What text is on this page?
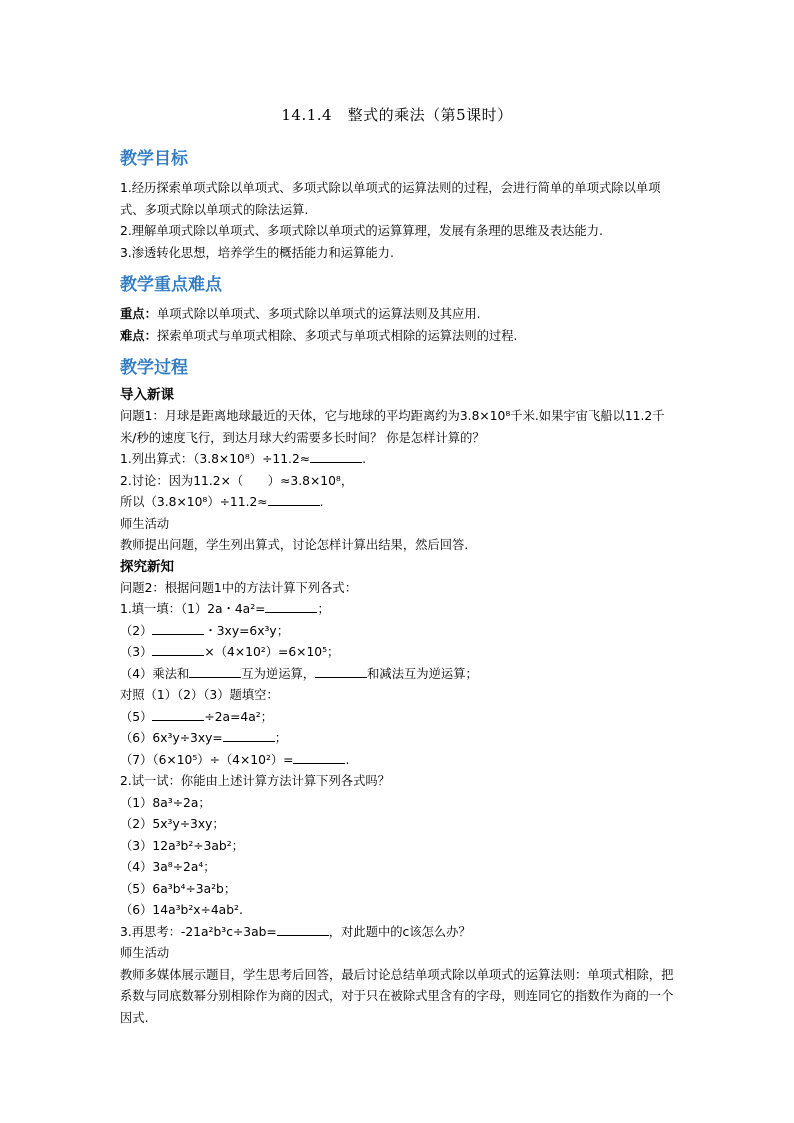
14.1.4　整式的乘法（第5课时）
教学目标
1.经历探索单项式除以单项式、多项式除以单项式的运算法则的过程，会进行简单的单项式除以单项式、多项式除以单项式的除法运算.
2.理解单项式除以单项式、多项式除以单项式的运算算理，发展有条理的思维及表达能力.
3.渗透转化思想，培养学生的概括能力和运算能力.
教学重点难点
重点：单项式除以单项式、多项式除以单项式的运算法则及其应用.
难点：探索单项式与单项式相除、多项式与单项式相除的运算法则的过程.
教学过程
导入新课
问题1：月球是距离地球最近的天体，它与地球的平均距离约为3.8×10⁸千米.如果宇宙飞船以11.2千米/秒的速度飞行，到达月球大约需要多长时间？ 你是怎样计算的？
1.列出算式：（3.8×10⁸）÷11.2≈	.
2.讨论：因为11.2×（　　）≈3.8×10⁸，
所以（3.8×10⁸）÷11.2≈	.
师生活动
教师提出问题，学生列出算式，讨论怎样计算出结果，然后回答.
探究新知
问题2：根据问题1中的方法计算下列各式：
1.填一填：（1）2a・4a²=	；
（2）	・3xy=6x³y；
（3）	×（4×10²）=6×10⁵；
（4）乘法和	互为逆运算，	和减法互为逆运算；
对照（1）（2）（3）题填空：
（5）	÷2a=4a²；
（6）6x³y÷3xy=	；
（7）（6×10⁵）÷（4×10²）=	.
2.试一试：你能由上述计算方法计算下列各式吗？
（1）8a³÷2a；
（2）5x³y÷3xy；
（3）12a³b²÷3ab²；
（4）3a⁸÷2a⁴；
（5）6a³b⁴÷3a²b；
（6）14a³b²x÷4ab².
3.再思考：-21a²b³c÷3ab=	，对此题中的c该怎么办？
师生活动
教师多媒体展示题目，学生思考后回答，最后讨论总结单项式除以单项式的运算法则：单项式相除，把系数与同底数幂分别相除作为商的因式，对于只在被除式里含有的字母，则连同它的指数作为商的一个因式.
